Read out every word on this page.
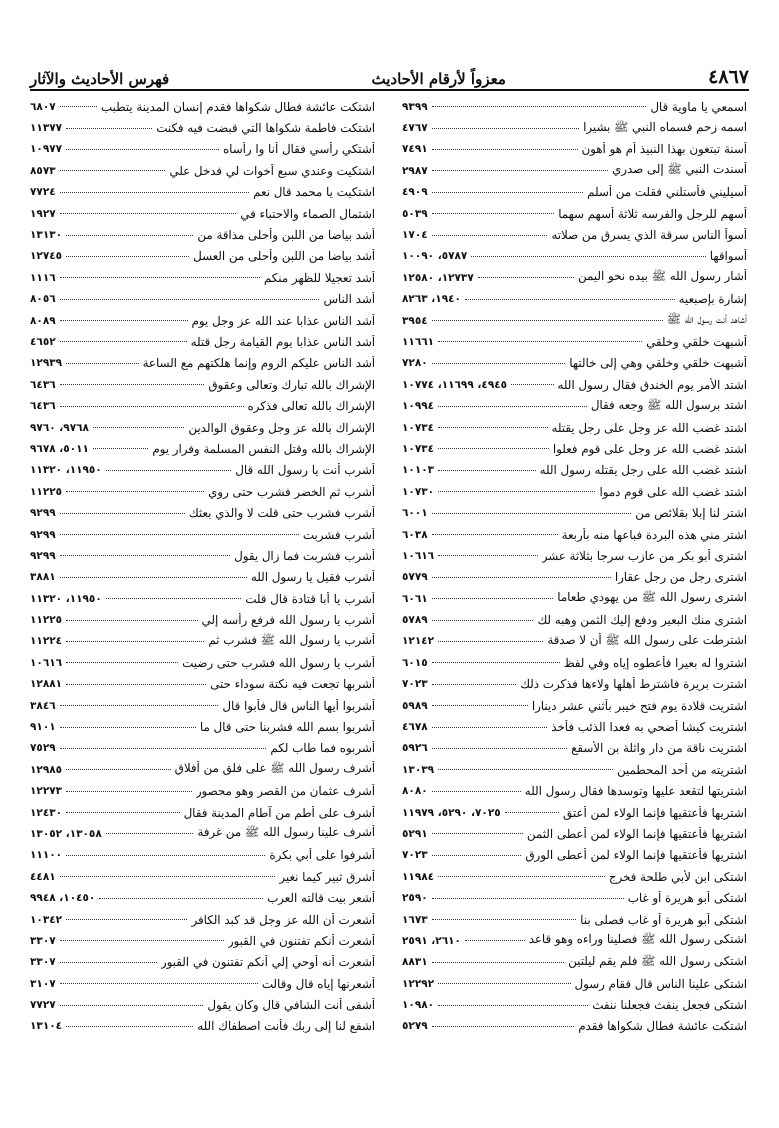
٤٨٦٧
معزواً لأرقام الأحاديث
فهرس الأحاديث والآثار
اسمعي يا ماوية قال
٩٣٩٩
اسمه زحم فسماه النبي ﷺ بشيرا
٤٧٦٧
أسنة تبتغون بهذا النبيذ أم هو أهون
٧٤٩١
أسندت النبي ﷺ إلى صدري
٢٩٨٧
أسيليني فأستلني فقلت من أسلم
٤٩٠٩
أسهم للرجل والفرسه ثلاثة أسهم سهما
٥٠٣٩
أسوأ الناس سرقة الذي يسرق من صلاته
١٧٠٤
أسواقها
٥٧٨٧، ١٠٠٩٠
أشار رسول الله ﷺ بيده نحو اليمن
١٢٧٣٧، ١٢٥٨٠
إشارة بإصبعيه
١٩٤٠، ٨٢٦٣
أشاهد أنت رسول الله ﷺ
٣٩٥٤
أشبهت خلقي وخلقي
١١٦٦١
أشبهت خلقي وخلقي وهي إلى خالتها
٧٢٨٠
اشتد الأمر يوم الخندق فقال رسول الله
٤٩٤٥، ١١٦٩٩، ١٠٧٧٤
اشتد برسول الله ﷺ وجعه فقال
١٠٩٩٤
اشتد غضب الله عز وجل على رجل يقتله
١٠٧٣٤
اشتد غضب الله عز وجل على قوم فعلوا
١٠٧٣٤
اشتد غضب الله على رجل يقتله رسول الله
١٠١٠٣
اشتد غضب الله على قوم دموا
١٠٧٣٠
اشتر لنا إبلا بقلائص من
٦٠٠١
اشتر مني هذه البردة فباعها منه بأربعة
٦٠٣٨
اشترى أبو بكر من عازب سرجا بثلاثة عشر
١٠٦١٦
اشترى رجل من رجل عقارا
٥٧٧٩
اشترى رسول الله ﷺ من يهودي طعاما
٦٠٦١
اشترى منك البعير ودفع إليك الثمن وهبه لك
٥٧٨٩
اشترطت على رسول الله ﷺ أن لا صدقة
١٢١٤٢
اشتروا له بعيرا فأعطوه إياه وفي لفظ
٦٠١٥
اشترت بريرة فاشترط أهلها ولاءها فذكرت ذلك
٧٠٢٣
اشتريت قلادة يوم فتح خيبر بأثني عشر دينارا
٥٩٨٩
اشتريت كبشا أضحي به فعدا الذئب فأخذ
٤٦٧٨
اشتريت ناقة من دار واثلة بن الأسقع
٥٩٢٦
اشتريته من أحد المحطمين
١٣٠٣٩
اشتريتها لتقعد عليها وتوسدها فقال رسول الله
٨٠٨٠
اشتريها فأعتقيها فإنما الولاء لمن أعتق
٧٠٢٥، ٥٢٩٠، ١١٩٧٩
اشتريها فأعتقيها فإنما الولاء لمن أعطى الثمن
٥٢٩١
اشتريها فأعتقيها فإنما الولاء لمن أعطى الورق
٧٠٢٣
اشتكى ابن لأبي طلحة فخرج
١١٩٨٤
اشتكى أبو هريرة أو غاب
٢٥٩٠
اشتكى أبو هريرة أو غاب فصلى بنا
١٦٧٣
اشتكى رسول الله ﷺ فصلينا وراءه وهو قاعد
٢٦١٠، ٢٥٩١
اشتكى رسول الله ﷺ فلم يقم ليلتين
٨٨٣١
اشتكى علينا الناس قال فقام رسول
١٢٢٩٢
اشتكى فجعل ينفث فجعلنا ننفث
١٠٩٨٠
اشتكت عائشة فطال شكواها فقدم
٥٢٧٩
اشتكت عائشة فطال شكواها فقدم إنسان المدينة يتطبب
٦٨٠٧
اشتكت فاطمة شكواها التي قبضت فيه فكنت
١١٣٧٧
أشتكي رأسي فقال أنا وا رأساه
١٠٩٧٧
اشتكيت وعندي سبع أخوات لي فدخل علي
٨٥٧٣
اشتكيت يا محمد قال نعم
٧٧٢٤
اشتمال الصماء والاحتباء في
١٩٢٧
أشد بياضا من اللبن وأحلى مذاقة من
١٣١٣٠
أشد بياضا من اللبن وأحلى من العسل
١٢٧٤٥
أشد تعجيلا للظهر منكم
١١١٦
أشد الناس
٨٠٥٦
أشد الناس عذابا عند الله عز وجل يوم
٨٠٨٩
أشد الناس عذابا يوم القيامة رجل قتله
٤٦٥٢
أشد الناس عليكم الروم وإنما هلكتهم مع الساعة
١٢٩٣٩
الإشراك بالله تبارك وتعالى وعقوق
٦٤٣٦
الإشراك بالله تعالى فذكره
٦٤٣٦
الإشراك بالله عز وجل وعقوق الوالدين
٩٧٦٨، ٩٧٦٠
الإشراك بالله وقتل النفس المسلمة وفرار يوم
٥٠١١، ٩٦٧٨
أشرب أنت يا رسول الله قال
١١٩٥٠، ١١٣٢٠
أشرب ثم الخضر فشرب حتى روي
١١٢٢٥
أشرب فشرب حتى قلت لا والذي بعثك
٩٢٩٩
أشرب فشربت
٩٢٩٩
أشرب فشربت فما زال يقول
٩٢٩٩
أشرب فقيل يا رسول الله
٣٨٨١
أشرب يا أبا قتادة قال قلت
١١٩٥٠، ١١٣٢٠
أشرب يا رسول الله فرفع رأسه إلي
١١٢٢٥
أشرب يا رسول الله ﷺ فشرب ثم
١١٢٢٤
أشرب يا رسول الله فشرب حتى رضيت
١٠٦١٦
أشربها تجعت فيه نكتة سوداء حتى
١٢٨٨١
أشربوا أيها الناس قال فأبوا قال
٣٨٤٦
أشربوا بسم الله فشربنا حتى قال ما
٩١٠١
أشربوه فما طاب لكم
٧٥٢٩
أشرف رسول الله ﷺ على فلق من أفلاق
١٢٩٨٥
أشرف عثمان من القصر وهو محصور
١٢٢٧٣
أشرف على أطم من آطام المدينة فقال
١٢٤٣٠
أشرف علينا رسول الله ﷺ من غرفة
١٣٠٥٨، ١٣٠٥٢
أشرفوا على أبي بكرة
١١١٠٠
أشرق ثبير كيما نغير
٤٤٨١
أشعر بيت قالته العرب
١٠٤٥٠، ٩٩٤٨
أشعرت أن الله عز وجل قد كبد الكافر
١٠٣٤٢
أشعرت أنكم تفتنون في القبور
٣٣٠٧
أشعرت أنه أوحي إلي أنكم تفتنون في القبور
٣٣٠٧
أشعرنها إياه قال وقالت
٣١٠٧
أشفى أنت الشافي قال وكان يقول
٧٧٢٧
اشفع لنا إلى ربك فأنت اصطفاك الله
١٣١٠٤
